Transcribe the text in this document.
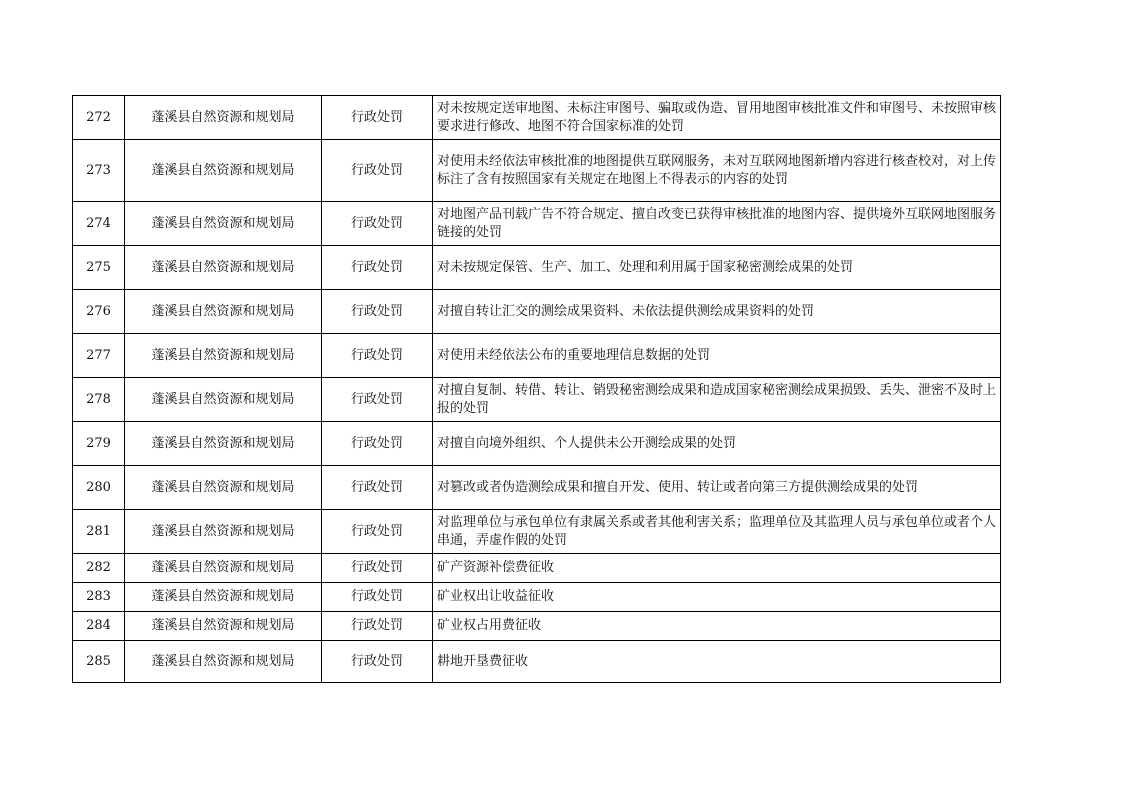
272	蓬溪县自然资源和规划局	行政处罚	对未按规定送审地图、未标注审图号、骗取或伪造、冒用地图审核批准文件和审图号、未按照审核要求进行修改、地图不符合国家标准的处罚
273	蓬溪县自然资源和规划局	行政处罚	对使用未经依法审核批准的地图提供互联网服务，未对互联网地图新增内容进行核查校对，对上传标注了含有按照国家有关规定在地图上不得表示的内容的处罚
274	蓬溪县自然资源和规划局	行政处罚	对地图产品刊载广告不符合规定、擅自改变已获得审核批准的地图内容、提供境外互联网地图服务链接的处罚
275	蓬溪县自然资源和规划局	行政处罚	对未按规定保管、生产、加工、处理和利用属于国家秘密测绘成果的处罚
276	蓬溪县自然资源和规划局	行政处罚	对擅自转让汇交的测绘成果资料、未依法提供测绘成果资料的处罚
277	蓬溪县自然资源和规划局	行政处罚	对使用未经依法公布的重要地理信息数据的处罚
278	蓬溪县自然资源和规划局	行政处罚	对擅自复制、转借、转让、销毁秘密测绘成果和造成国家秘密测绘成果损毁、丢失、泄密不及时上报的处罚
279	蓬溪县自然资源和规划局	行政处罚	对擅自向境外组织、个人提供未公开测绘成果的处罚
280	蓬溪县自然资源和规划局	行政处罚	对篡改或者伪造测绘成果和擅自开发、使用、转让或者向第三方提供测绘成果的处罚
281	蓬溪县自然资源和规划局	行政处罚	对监理单位与承包单位有隶属关系或者其他利害关系；监理单位及其监理人员与承包单位或者个人串通，弄虚作假的处罚
282	蓬溪县自然资源和规划局	行政处罚	矿产资源补偿费征收
283	蓬溪县自然资源和规划局	行政处罚	矿业权出让收益征收
284	蓬溪县自然资源和规划局	行政处罚	矿业权占用费征收
285	蓬溪县自然资源和规划局	行政处罚	耕地开垦费征收
